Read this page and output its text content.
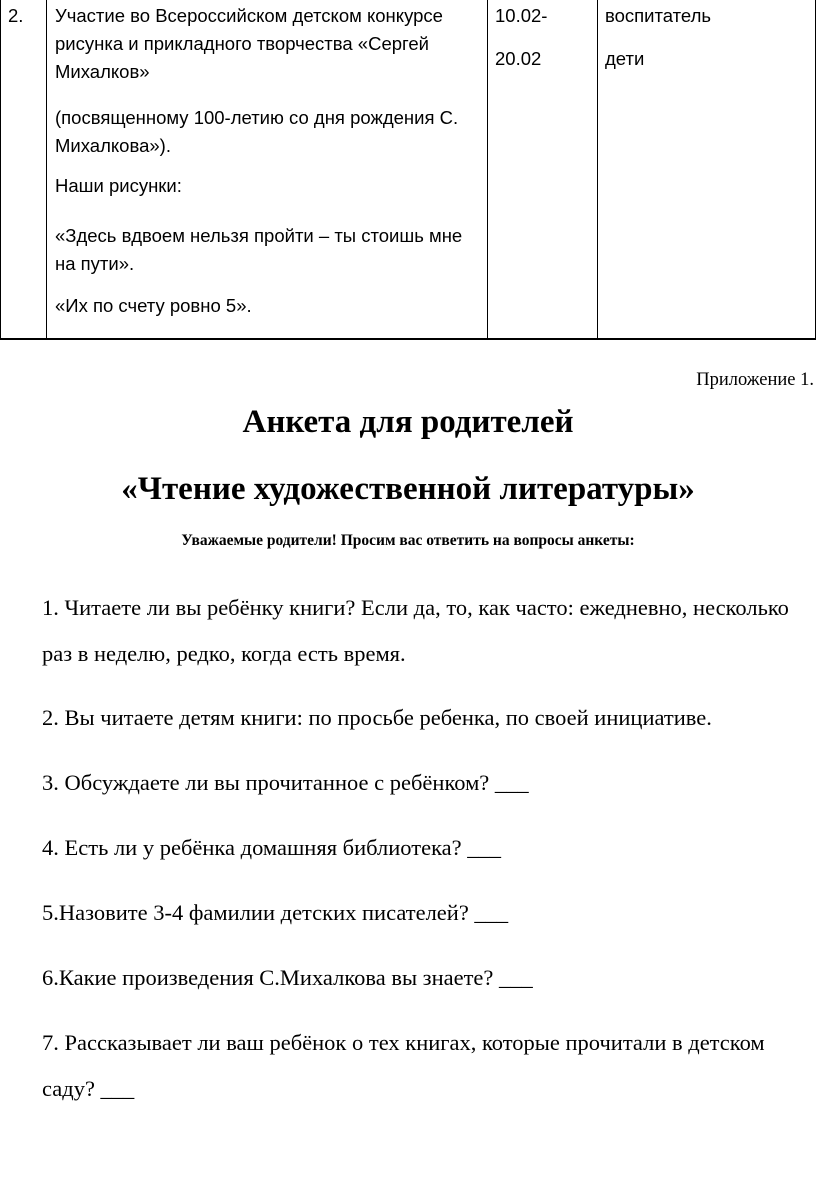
2. Участие во Всероссийском детском конкурсе рисунка и прикладного творчества «Сергей Михалков»
(посвященному 100-летию со дня рождения С. Михалкова»).
Наши рисунки:
«Здесь вдвоем нельзя пройти – ты стоишь мне на пути».
«Их по счету ровно 5».
10.02-
20.02
воспитатель
дети
Приложение 1.
Анкета для родителей
«Чтение художественной литературы»
Уважаемые родители! Просим вас ответить на вопросы анкеты:
1. Читаете ли вы ребёнку книги? Если да, то, как часто: ежедневно, несколько раз в неделю, редко, когда есть время.
2. Вы читаете детям книги: по просьбе ребенка, по своей инициативе.
3. Обсуждаете ли вы прочитанное с ребёнком? ___
4. Есть ли у ребёнка домашняя библиотека? ___
5.Назовите 3-4 фамилии детских писателей? ___
6.Какие произведения С.Михалкова вы знаете? ___
7. Рассказывает ли ваш ребёнок о тех книгах, которые прочитали в детском саду? ___
